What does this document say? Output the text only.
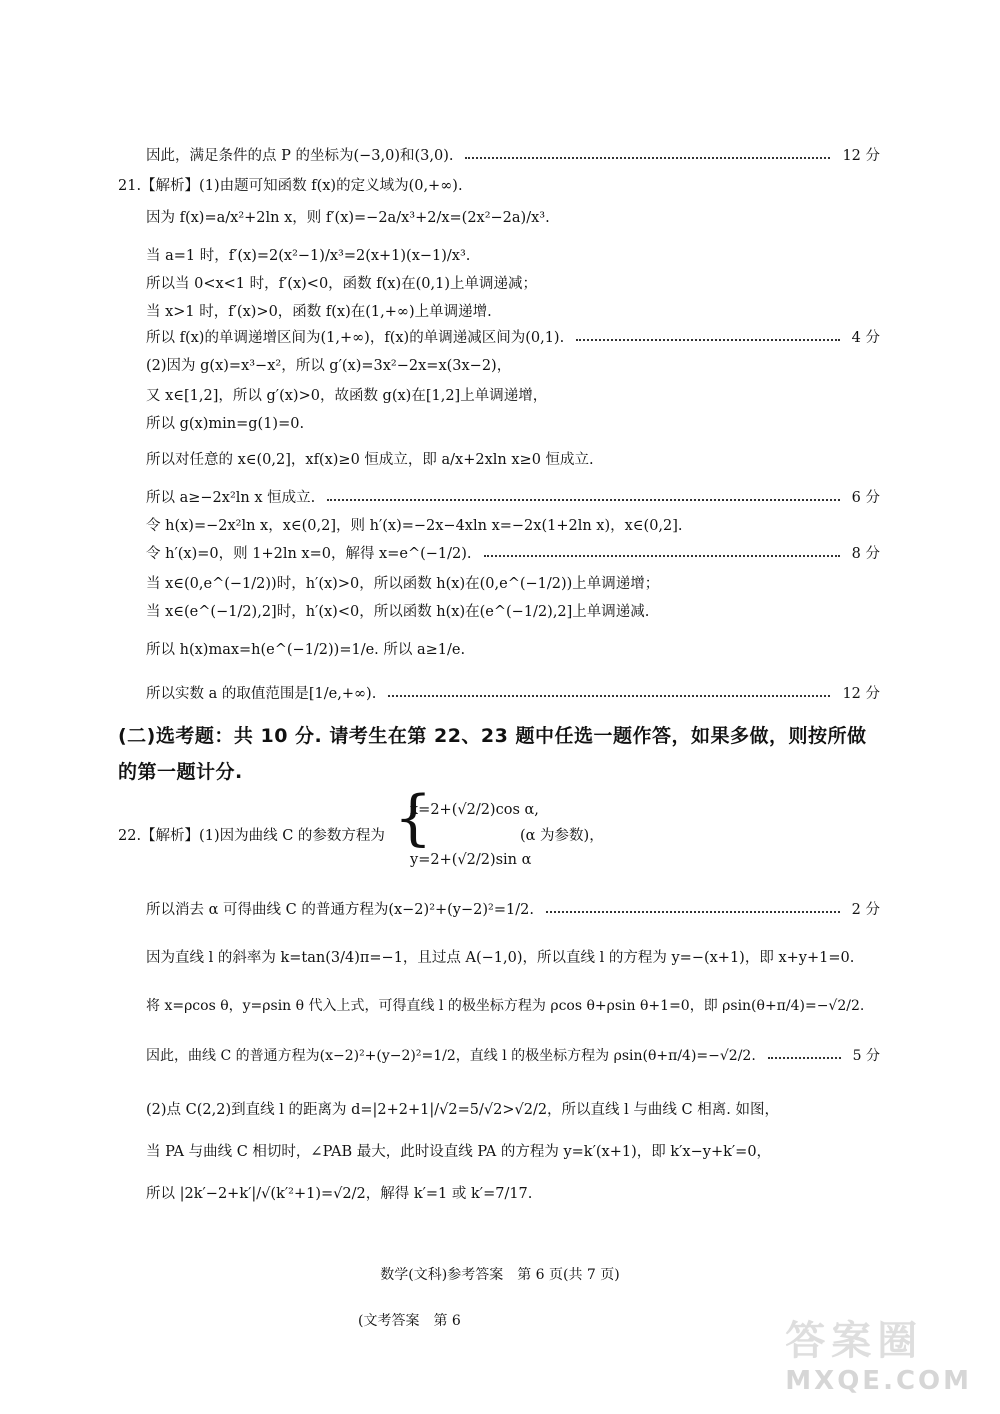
因此，满足条件的点 P 的坐标为(−3,0)和(3,0).	12 分
21.【解析】(1)由题可知函数 f(x)的定义域为(0,+∞).
因为 f(x)=a/x²+2ln x，则 f′(x)=−2a/x³+2/x=(2x²−2a)/x³.
当 a=1 时，f′(x)=2(x²−1)/x³=2(x+1)(x−1)/x³.
所以当 0<x<1 时，f′(x)<0，函数 f(x)在(0,1)上单调递减；
当 x>1 时，f′(x)>0，函数 f(x)在(1,+∞)上单调递增.
所以 f(x)的单调递增区间为(1,+∞)，f(x)的单调递减区间为(0,1).	4 分
(2)因为 g(x)=x³−x²，所以 g′(x)=3x²−2x=x(3x−2)，
又 x∈[1,2]，所以 g′(x)>0，故函数 g(x)在[1,2]上单调递增，
所以 g(x)min=g(1)=0.
所以对任意的 x∈(0,2]，xf(x)≥0 恒成立，即 a/x+2xln x≥0 恒成立.
所以 a≥−2x²ln x 恒成立.	6 分
令 h(x)=−2x²ln x，x∈(0,2]，则 h′(x)=−2x−4xln x=−2x(1+2ln x)，x∈(0,2].
令 h′(x)=0，则 1+2ln x=0，解得 x=e^(−1/2).	8 分
当 x∈(0,e^(−1/2))时，h′(x)>0，所以函数 h(x)在(0,e^(−1/2))上单调递增；
当 x∈(e^(−1/2),2]时，h′(x)<0，所以函数 h(x)在(e^(−1/2),2]上单调递减.
所以 h(x)max=h(e^(−1/2))=1/e. 所以 a≥1/e.
所以实数 a 的取值范围是[1/e,+∞).	12 分
(二)选考题：共 10 分. 请考生在第 22、23 题中任选一题作答，如果多做，则按所做的第一题计分.
22.【解析】(1)因为曲线 C 的参数方程为 {
x=2+(√2/2)cos α,
y=2+(√2/2)sin α
(α 为参数)，
所以消去 α 可得曲线 C 的普通方程为(x−2)²+(y−2)²=1/2.	2 分
因为直线 l 的斜率为 k=tan(3/4)π=−1，且过点 A(−1,0)，所以直线 l 的方程为 y=−(x+1)，即 x+y+1=0.
将 x=ρcos θ，y=ρsin θ 代入上式，可得直线 l 的极坐标方程为 ρcos θ+ρsin θ+1=0，即 ρsin(θ+π/4)=−√2/2.
因此，曲线 C 的普通方程为(x−2)²+(y−2)²=1/2，直线 l 的极坐标方程为 ρsin(θ+π/4)=−√2/2.	5 分
(2)点 C(2,2)到直线 l 的距离为 d=|2+2+1|/√2=5/√2>√2/2，所以直线 l 与曲线 C 相离. 如图，
当 PA 与曲线 C 相切时，∠PAB 最大，此时设直线 PA 的方程为 y=k′(x+1)，即 k′x−y+k′=0，
所以 |2k′−2+k′|/√(k′²+1)=√2/2，解得 k′=1 或 k′=7/17.
数学(文科)参考答案　第 6 页(共 7 页)
(文考答案　第 6	答案圈
MXQE.COM
